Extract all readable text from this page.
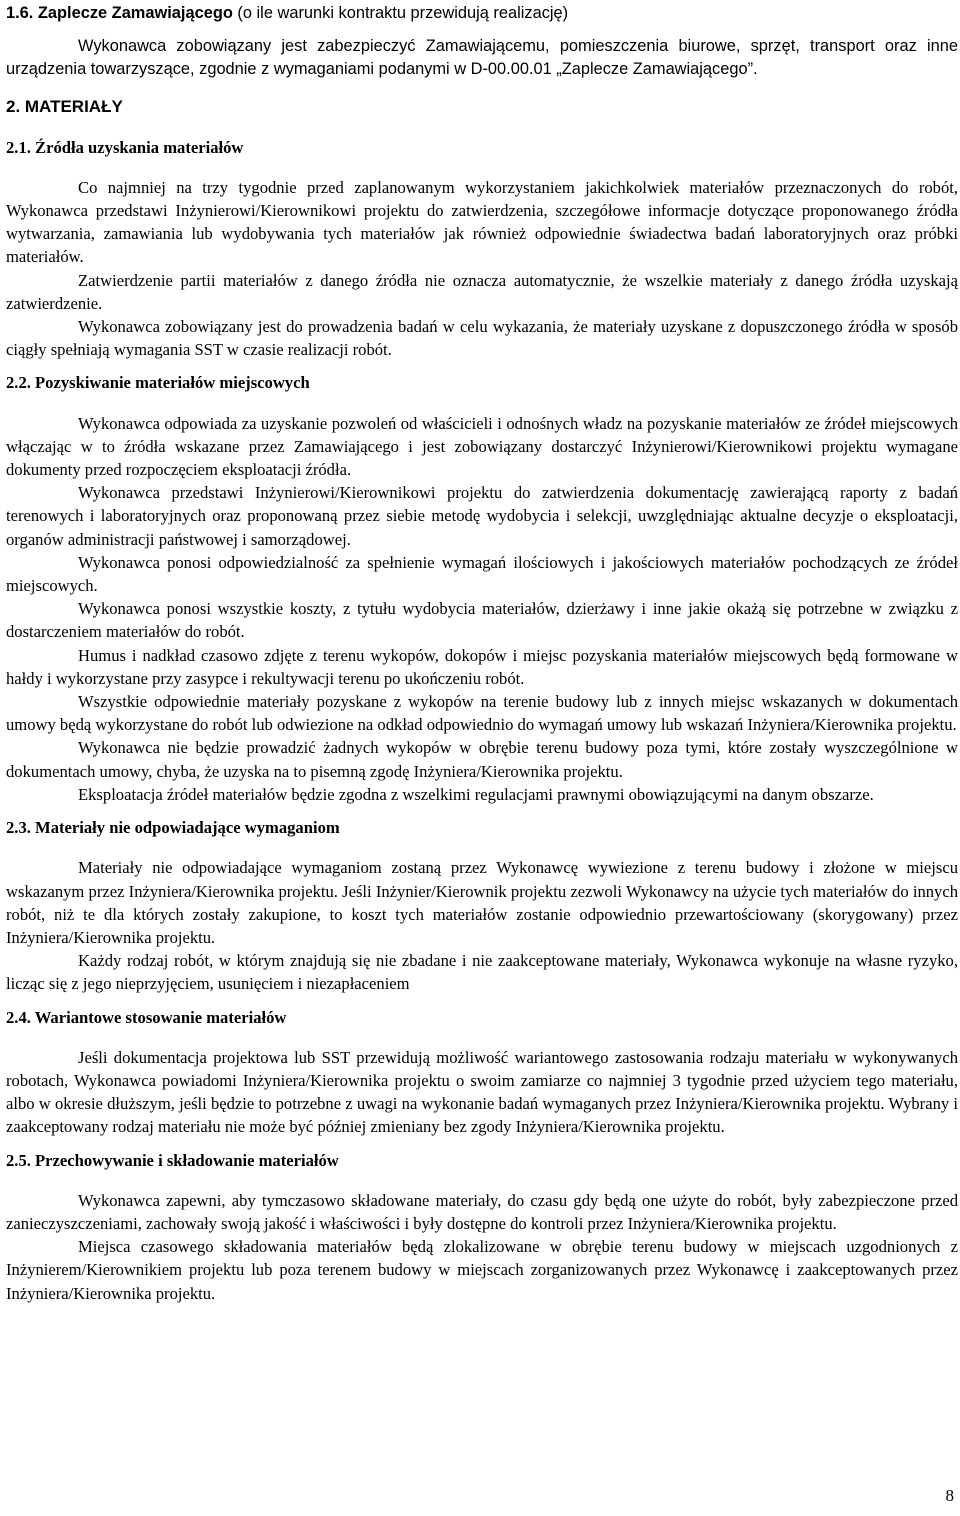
1.6. Zaplecze Zamawiającego (o ile warunki kontraktu przewidują realizację)

Wykonawca zobowiązany jest zabezpieczyć Zamawiającemu, pomieszczenia biurowe, sprzęt, transport oraz inne urządzenia towarzyszące, zgodnie z wymaganiami podanymi w D-00.00.01 „Zaplecze Zamawiającego”.

2. MATERIAŁY
2.1. Źródła uzyskania materiałów

Co najmniej na trzy tygodnie przed zaplanowanym wykorzystaniem jakichkolwiek materiałów przeznaczonych do robót, Wykonawca przedstawi Inżynierowi/Kierownikowi projektu do zatwierdzenia, szczegółowe informacje dotyczące proponowanego źródła wytwarzania, zamawiania lub wydobywania tych materiałów jak również odpowiednie świadectwa badań laboratoryjnych oraz próbki materiałów.

Zatwierdzenie partii materiałów z danego źródła nie oznacza automatycznie, że wszelkie materiały z danego źródła uzyskają zatwierdzenie.

Wykonawca zobowiązany jest do prowadzenia badań w celu wykazania, że materiały uzyskane z dopuszczonego źródła w sposób ciągły spełniają wymagania SST w czasie realizacji robót.

2.2. Pozyskiwanie materiałów miejscowych

Wykonawca odpowiada za uzyskanie pozwoleń od właścicieli i odnośnych władz na pozyskanie materiałów ze źródeł miejscowych włączając w to źródła wskazane przez Zamawiającego i jest zobowiązany dostarczyć Inżynierowi/Kierownikowi projektu wymagane dokumenty przed rozpoczęciem eksploatacji źródła.

Wykonawca przedstawi Inżynierowi/Kierownikowi projektu do zatwierdzenia dokumentację zawierającą raporty z badań terenowych i laboratoryjnych oraz proponowaną przez siebie metodę wydobycia i selekcji, uwzględniając aktualne decyzje o eksploatacji, organów administracji państwowej i samorządowej.

Wykonawca ponosi odpowiedzialność za spełnienie wymagań ilościowych i jakościowych materiałów pochodzących ze źródeł miejscowych.

Wykonawca ponosi wszystkie koszty, z tytułu wydobycia materiałów, dzierżawy i inne jakie okażą się potrzebne w związku z dostarczeniem materiałów do robót.

Humus i nadkład czasowo zdjęte z terenu wykopów, dokopów i miejsc pozyskania materiałów miejscowych będą formowane w hałdy i wykorzystane przy zasypce i rekultywacji terenu po ukończeniu robót.

Wszystkie odpowiednie materiały pozyskane z wykopów na terenie budowy lub z innych miejsc wskazanych w dokumentach umowy będą wykorzystane do robót lub odwiezione na odkład odpowiednio do wymagań umowy lub wskazań Inżyniera/Kierownika projektu.

Wykonawca nie będzie prowadzić żadnych wykopów w obrębie terenu budowy poza tymi, które zostały wyszczególnione w dokumentach umowy, chyba, że uzyska na to pisemną zgodę Inżyniera/Kierownika projektu.

Eksploatacja źródeł materiałów będzie zgodna z wszelkimi regulacjami prawnymi obowiązującymi na danym obszarze.

2.3. Materiały nie odpowiadające wymaganiom

Materiały nie odpowiadające wymaganiom zostaną przez Wykonawcę wywiezione z terenu budowy i złożone w miejscu wskazanym przez Inżyniera/Kierownika projektu. Jeśli Inżynier/Kierownik projektu zezwoli Wykonawcy na użycie tych materiałów do innych robót, niż te dla których zostały zakupione, to koszt tych materiałów zostanie odpowiednio przewartościowany (skorygowany) przez Inżyniera/Kierownika projektu.

Każdy rodzaj robót, w którym znajdują się nie zbadane i nie zaakceptowane materiały, Wykonawca wykonuje na własne ryzyko, licząc się z jego nieprzyjęciem, usunięciem i niezapłaceniem

2.4. Wariantowe stosowanie materiałów

Jeśli dokumentacja projektowa lub SST przewidują możliwość wariantowego zastosowania rodzaju materiału w wykonywanych robotach, Wykonawca powiadomi Inżyniera/Kierownika projektu o swoim zamiarze co najmniej 3 tygodnie przed użyciem tego materiału, albo w okresie dłuższym, jeśli będzie to potrzebne z uwagi na wykonanie badań wymaganych przez Inżyniera/Kierownika projektu. Wybrany i zaakceptowany rodzaj materiału nie może być później zmieniany bez zgody Inżyniera/Kierownika projektu.

2.5. Przechowywanie i składowanie materiałów

Wykonawca zapewni, aby tymczasowo składowane materiały, do czasu gdy będą one użyte do robót, były zabezpieczone przed zanieczyszczeniami, zachowały swoją jakość i właściwości i były dostępne do kontroli przez Inżyniera/Kierownika projektu.

Miejsca czasowego składowania materiałów będą zlokalizowane w obrębie terenu budowy w miejscach uzgodnionych z Inżynierem/Kierownikiem projektu lub poza terenem budowy w miejscach zorganizowanych przez Wykonawcę i zaakceptowanych przez Inżyniera/Kierownika projektu.

8
